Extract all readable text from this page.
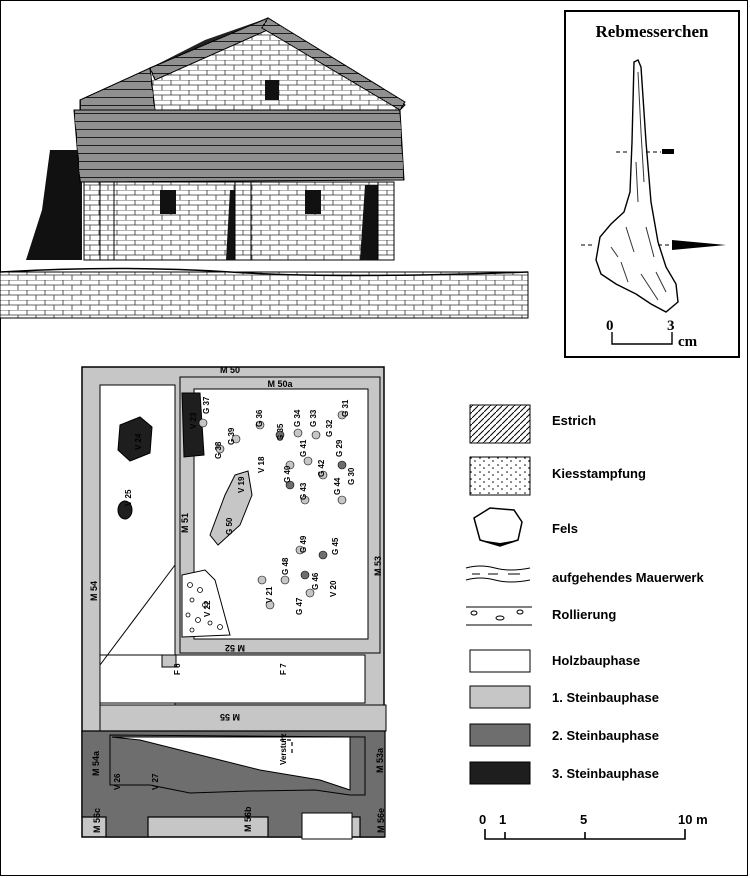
Rebmesserchen
0	3
cm
M 50
M 50a
M 51
M 52
M 53
M 54
M 55
M 53a
M 54a
M 56b
M 56c	M 56e
V 24
V 25
V 23
G 37
G 38
G 39
G 36
V 18
G 35
G 34 G 33
G 32
G 31
G 41
G 40
G 29
G 42
G 43	G 44
G 30
V 19
G 50
G 49	G 45
G 48
G 46
V 21
G 47
V 20
V 22
F 6	F 7
V 26	V 27
Versturz
Estrich
Kiesstampfung
Fels
aufgehendes Mauerwerk
Rollierung
Holzbauphase
1. Steinbauphase
2. Steinbauphase
3. Steinbauphase
0 1	5	10 m
